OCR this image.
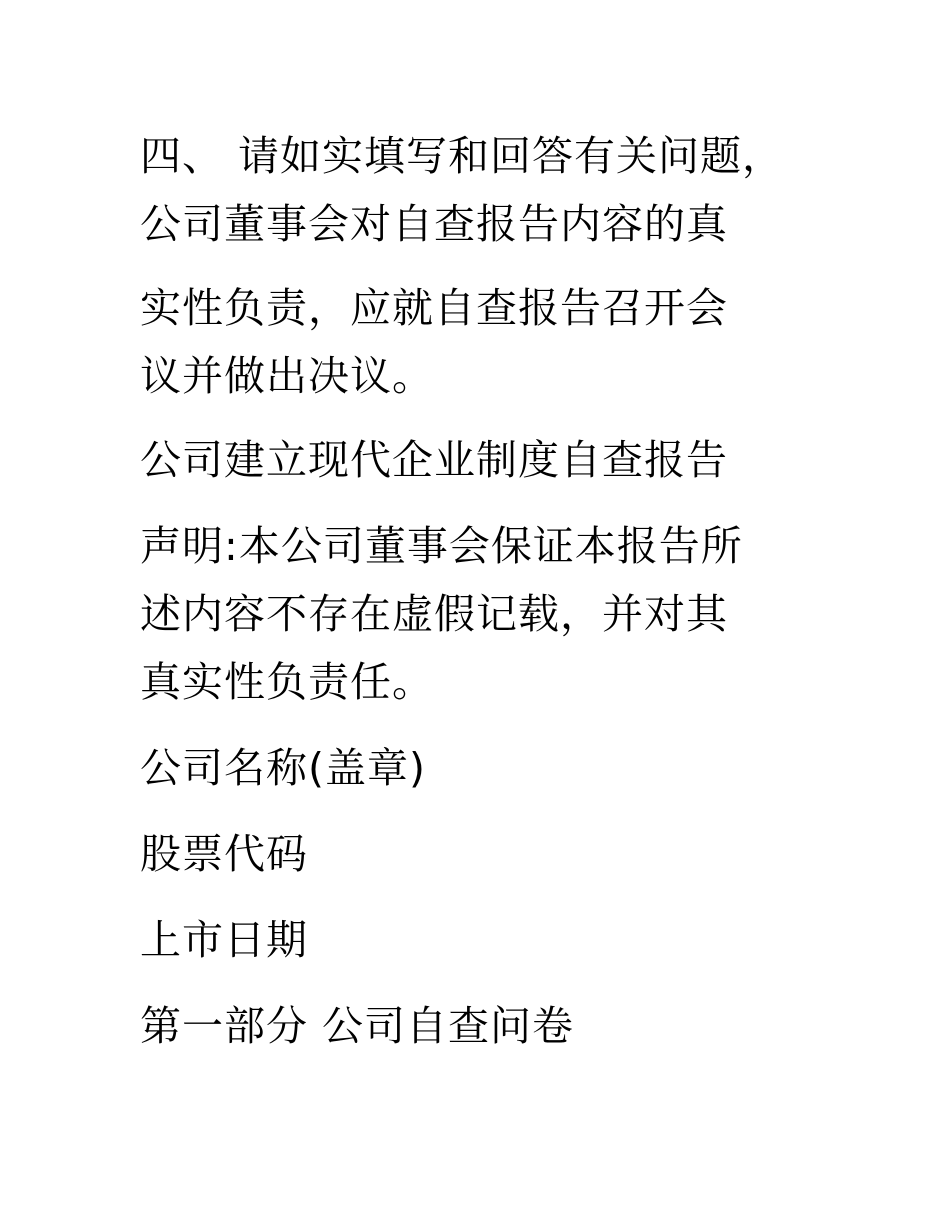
四、 请如实填写和回答有关问题，
公司董事会对自查报告内容的真
实性负责，应就自查报告召开会
议并做出决议。
公司建立现代企业制度自查报告
声明:本公司董事会保证本报告所
述内容不存在虚假记载，并对其
真实性负责任。
公司名称(盖章)
股票代码
上市日期
第一部分 公司自查问卷
